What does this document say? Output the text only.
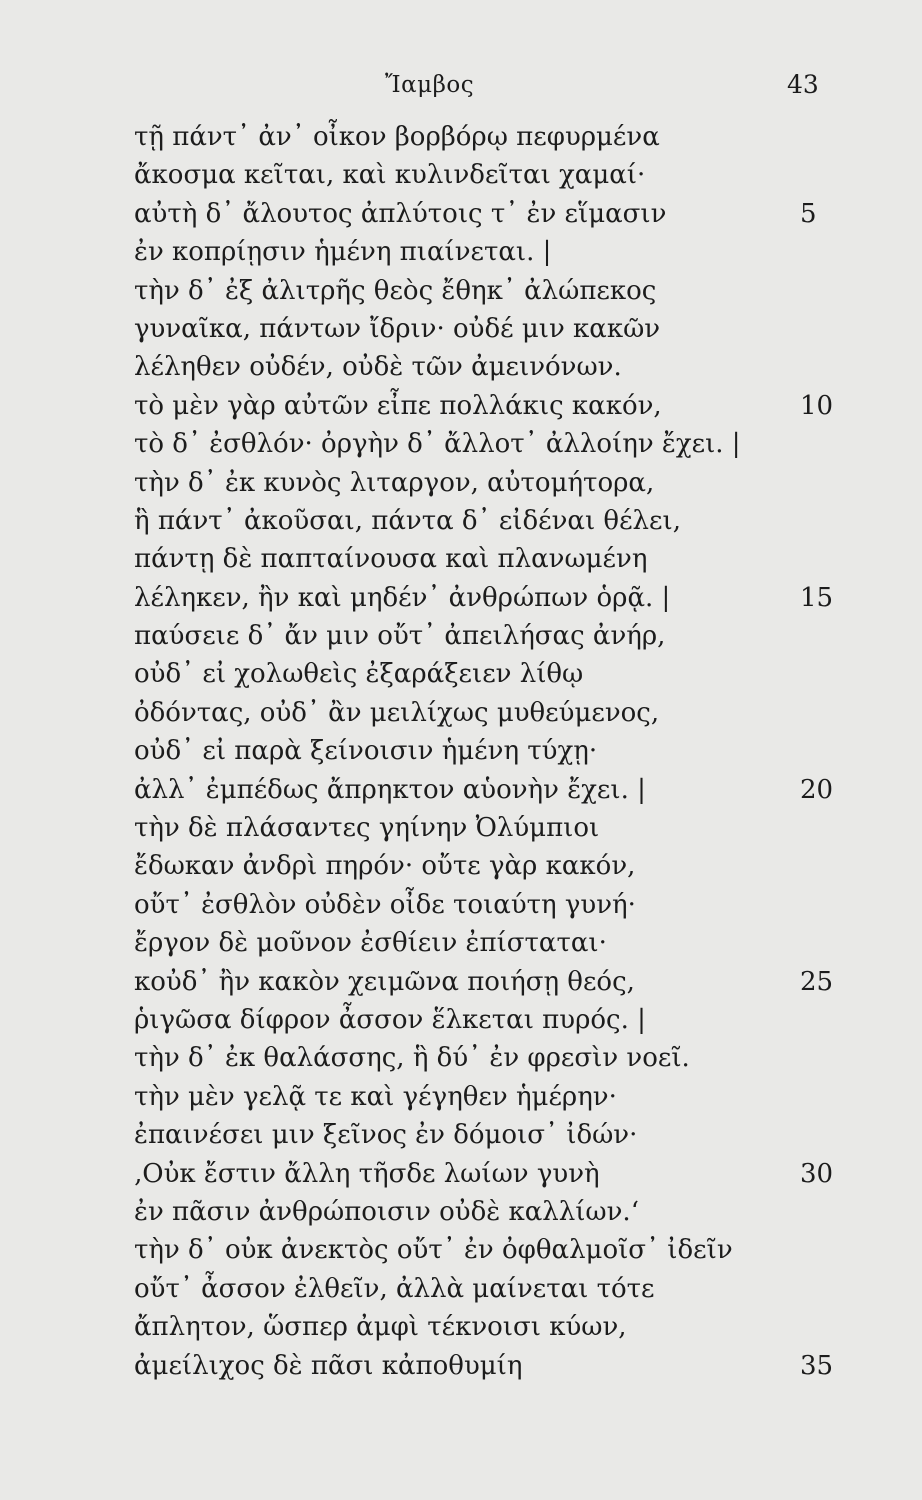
Ἴαμβος	43
τῇ πάντ᾽ ἀν᾽ οἶκον βορβόρῳ πεφυρμένα
ἄκοσμα κεῖται, καὶ κυλινδεῖται χαμαί·
αὐτὴ δ᾽ ἄλουτος ἀπλύτοις τ᾽ ἐν εἵμασιν
ἐν κοπρίῃσιν ἡμένη πιαίνεται. |
τὴν δ᾽ ἐξ ἀλιτρῆς θεὸς ἔθηκ᾽ ἀλώπεκος
γυναῖκα, πάντων ἴδριν· οὐδέ μιν κακῶν
λέληθεν οὐδέν, οὐδὲ τῶν ἀμεινόνων.
τὸ μὲν γὰρ αὐτῶν εἶπε πολλάκις κακόν,
τὸ δ᾽ ἐσθλόν· ὀργὴν δ᾽ ἄλλοτ᾽ ἀλλοίην ἔχει. |
τὴν δ᾽ ἐκ κυνὸς λιταργον, αὐτομήτορα,
ἣ πάντ᾽ ἀκοῦσαι, πάντα δ᾽ εἰδέναι θέλει,
πάντῃ δὲ παπταίνουσα καὶ πλανωμένη
λέληκεν, ἢν καὶ μηδέν᾽ ἀνθρώπων ὁρᾷ. |
παύσειε δ᾽ ἄν μιν οὔτ᾽ ἀπειλήσας ἀνήρ,
οὐδ᾽ εἰ χολωθεὶς ἐξαράξειεν λίθῳ
ὀδόντας, οὐδ᾽ ἂν μειλίχως μυθεύμενος,
οὐδ᾽ εἰ παρὰ ξείνοισιν ἡμένη τύχῃ·
ἀλλ᾽ ἐμπέδως ἄπρηκτον αὑονὴν ἔχει. |
τὴν δὲ πλάσαντες γηίνην Ὀλύμπιοι
ἔδωκαν ἀνδρὶ πηρόν· οὔτε γὰρ κακόν,
οὔτ᾽ ἐσθλὸν οὐδὲν οἶδε τοιαύτη γυνή·
ἔργον δὲ μοῦνον ἐσθίειν ἐπίσταται·
κοὐδ᾽ ἢν κακὸν χειμῶνα ποιήσῃ θεός,
ῥιγῶσα δίφρον ἆσσον ἕλκεται πυρός. |
τὴν δ᾽ ἐκ θαλάσσης, ἣ δύ᾽ ἐν φρεσὶν νοεῖ.
τὴν μὲν γελᾷ τε καὶ γέγηθεν ἡμέρην·
ἐπαινέσει μιν ξεῖνος ἐν δόμοισ᾽ ἰδών·
‚Οὐκ ἔστιν ἄλλη τῆσδε λωίων γυνὴ
ἐν πᾶσιν ἀνθρώποισιν οὐδὲ καλλίων.‘
τὴν δ᾽ οὐκ ἀνεκτὸς οὔτ᾽ ἐν ὀφθαλμοῖσ᾽ ἰδεῖν
οὔτ᾽ ἆσσον ἐλθεῖν, ἀλλὰ μαίνεται τότε
ἄπλητον, ὥσπερ ἀμφὶ τέκνοισι κύων,
ἀμείλιχος δὲ πᾶσι κἀποθυμίη
5
10
15
20
25
30
35
